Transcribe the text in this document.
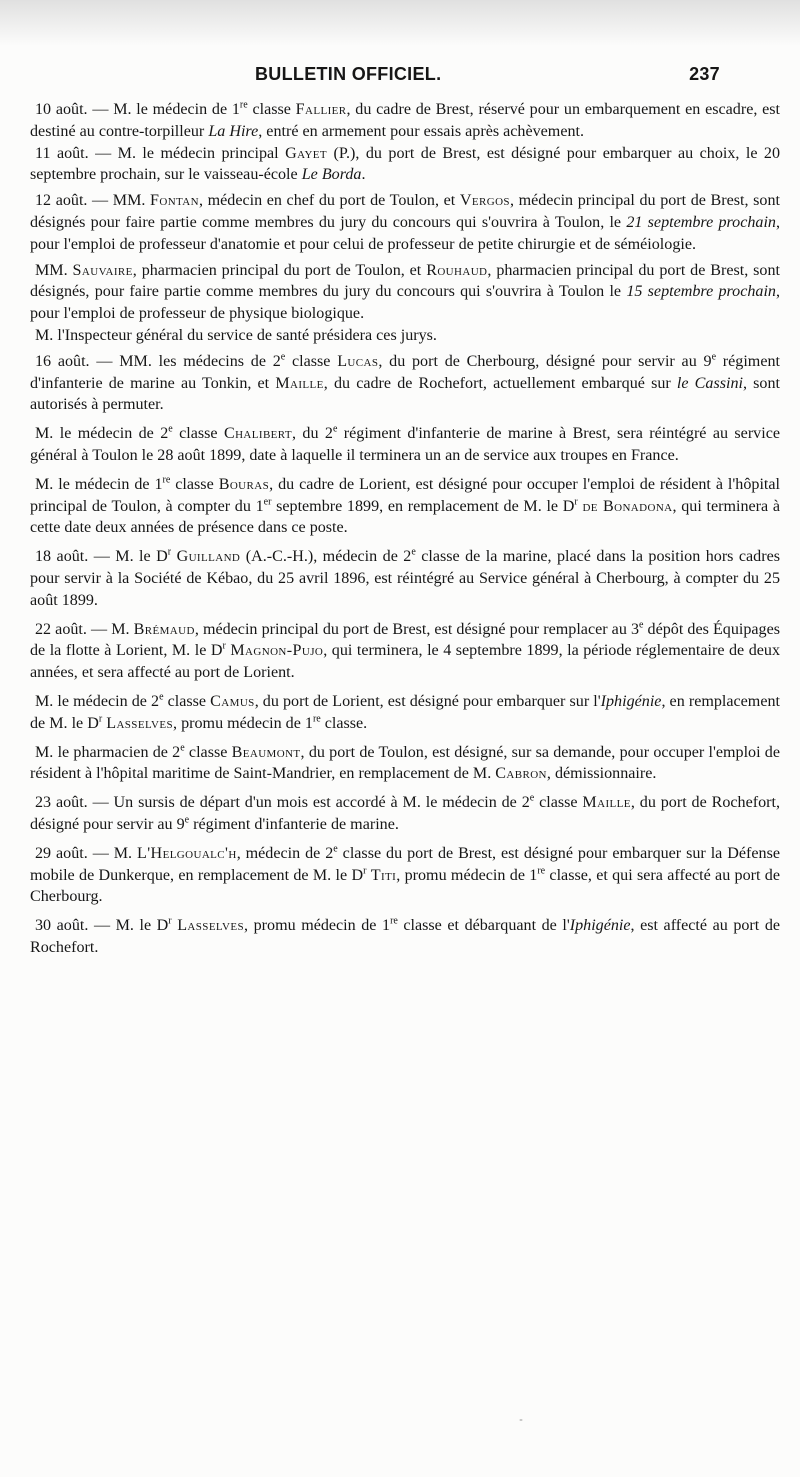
BULLETIN OFFICIEL.	237

10 août. — M. le médecin de 1re classe Fallier, du cadre de Brest, réservé pour un embarquement en escadre, est destiné au contre-torpilleur La Hire, entré en armement pour essais après achèvement.

11 août. — M. le médecin principal Gayet (P.), du port de Brest, est désigné pour embarquer au choix, le 20 septembre prochain, sur le vaisseau-école Le Borda.

12 août. — MM. Fontan, médecin en chef du port de Toulon, et Vergos, médecin principal du port de Brest, sont désignés pour faire partie comme membres du jury du concours qui s'ouvrira à Toulon, le 21 septembre prochain, pour l'emploi de professeur d'anatomie et pour celui de professeur de petite chirurgie et de séméiologie.

MM. Sauvaire, pharmacien principal du port de Toulon, et Rouhaud, pharmacien principal du port de Brest, sont désignés, pour faire partie comme membres du jury du concours qui s'ouvrira à Toulon le 15 septembre prochain, pour l'emploi de professeur de physique biologique.

M. l'Inspecteur général du service de santé présidera ces jurys.

16 août. — MM. les médecins de 2e classe Lucas, du port de Cherbourg, désigné pour servir au 9e régiment d'infanterie de marine au Tonkin, et Maille, du cadre de Rochefort, actuellement embarqué sur le Cassini, sont autorisés à permuter.

M. le médecin de 2e classe Chalibert, du 2e régiment d'infanterie de marine à Brest, sera réintégré au service général à Toulon le 28 août 1899, date à laquelle il terminera un an de service aux troupes en France.

M. le médecin de 1re classe Bouras, du cadre de Lorient, est désigné pour occuper l'emploi de résident à l'hôpital principal de Toulon, à compter du 1er septembre 1899, en remplacement de M. le $D^r$ de Bonadona, qui terminera à cette date deux années de présence dans ce poste.

18 août. — M. le $D^r$ Guilland (A.-C.-H.), médecin de 2e classe de la marine, placé dans la position hors cadres pour servir à la Société de Kébao, du 25 avril 1896, est réintégré au Service général à Cherbourg, à compter du 25 août 1899.

22 août. — M. Brémaud, médecin principal du port de Brest, est désigné pour remplacer au 3e dépôt des Équipages de la flotte à Lorient, M. le $D^r$ Magnon-Pujo, qui terminera, le 4 septembre 1899, la période réglementaire de deux années, et sera affecté au port de Lorient.

M. le médecin de 2e classe Camus, du port de Lorient, est désigné pour embarquer sur l'Iphigénie, en remplacement de M. le $D^r$ Lasselves, promu médecin de 1re classe.

M. le pharmacien de 2e classe Beaumont, du port de Toulon, est désigné, sur sa demande, pour occuper l'emploi de résident à l'hôpital maritime de Saint-Mandrier, en remplacement de M. Cabron, démissionnaire.

23 août. — Un sursis de départ d'un mois est accordé à M. le médecin de 2e classe Maille, du port de Rochefort, désigné pour servir au 9e régiment d'infanterie de marine.

29 août. — M. L'Helgoualc'h, médecin de 2e classe du port de Brest, est désigné pour embarquer sur la Défense mobile de Dunkerque, en remplacement de M. le $D^r$ Titi, promu médecin de 1re classe, et qui sera affecté au port de Cherbourg.

30 août. — M. le $D^r$ Lasselves, promu médecin de 1re classe et débarquant de l'Iphigénie, est affecté au port de Rochefort.
